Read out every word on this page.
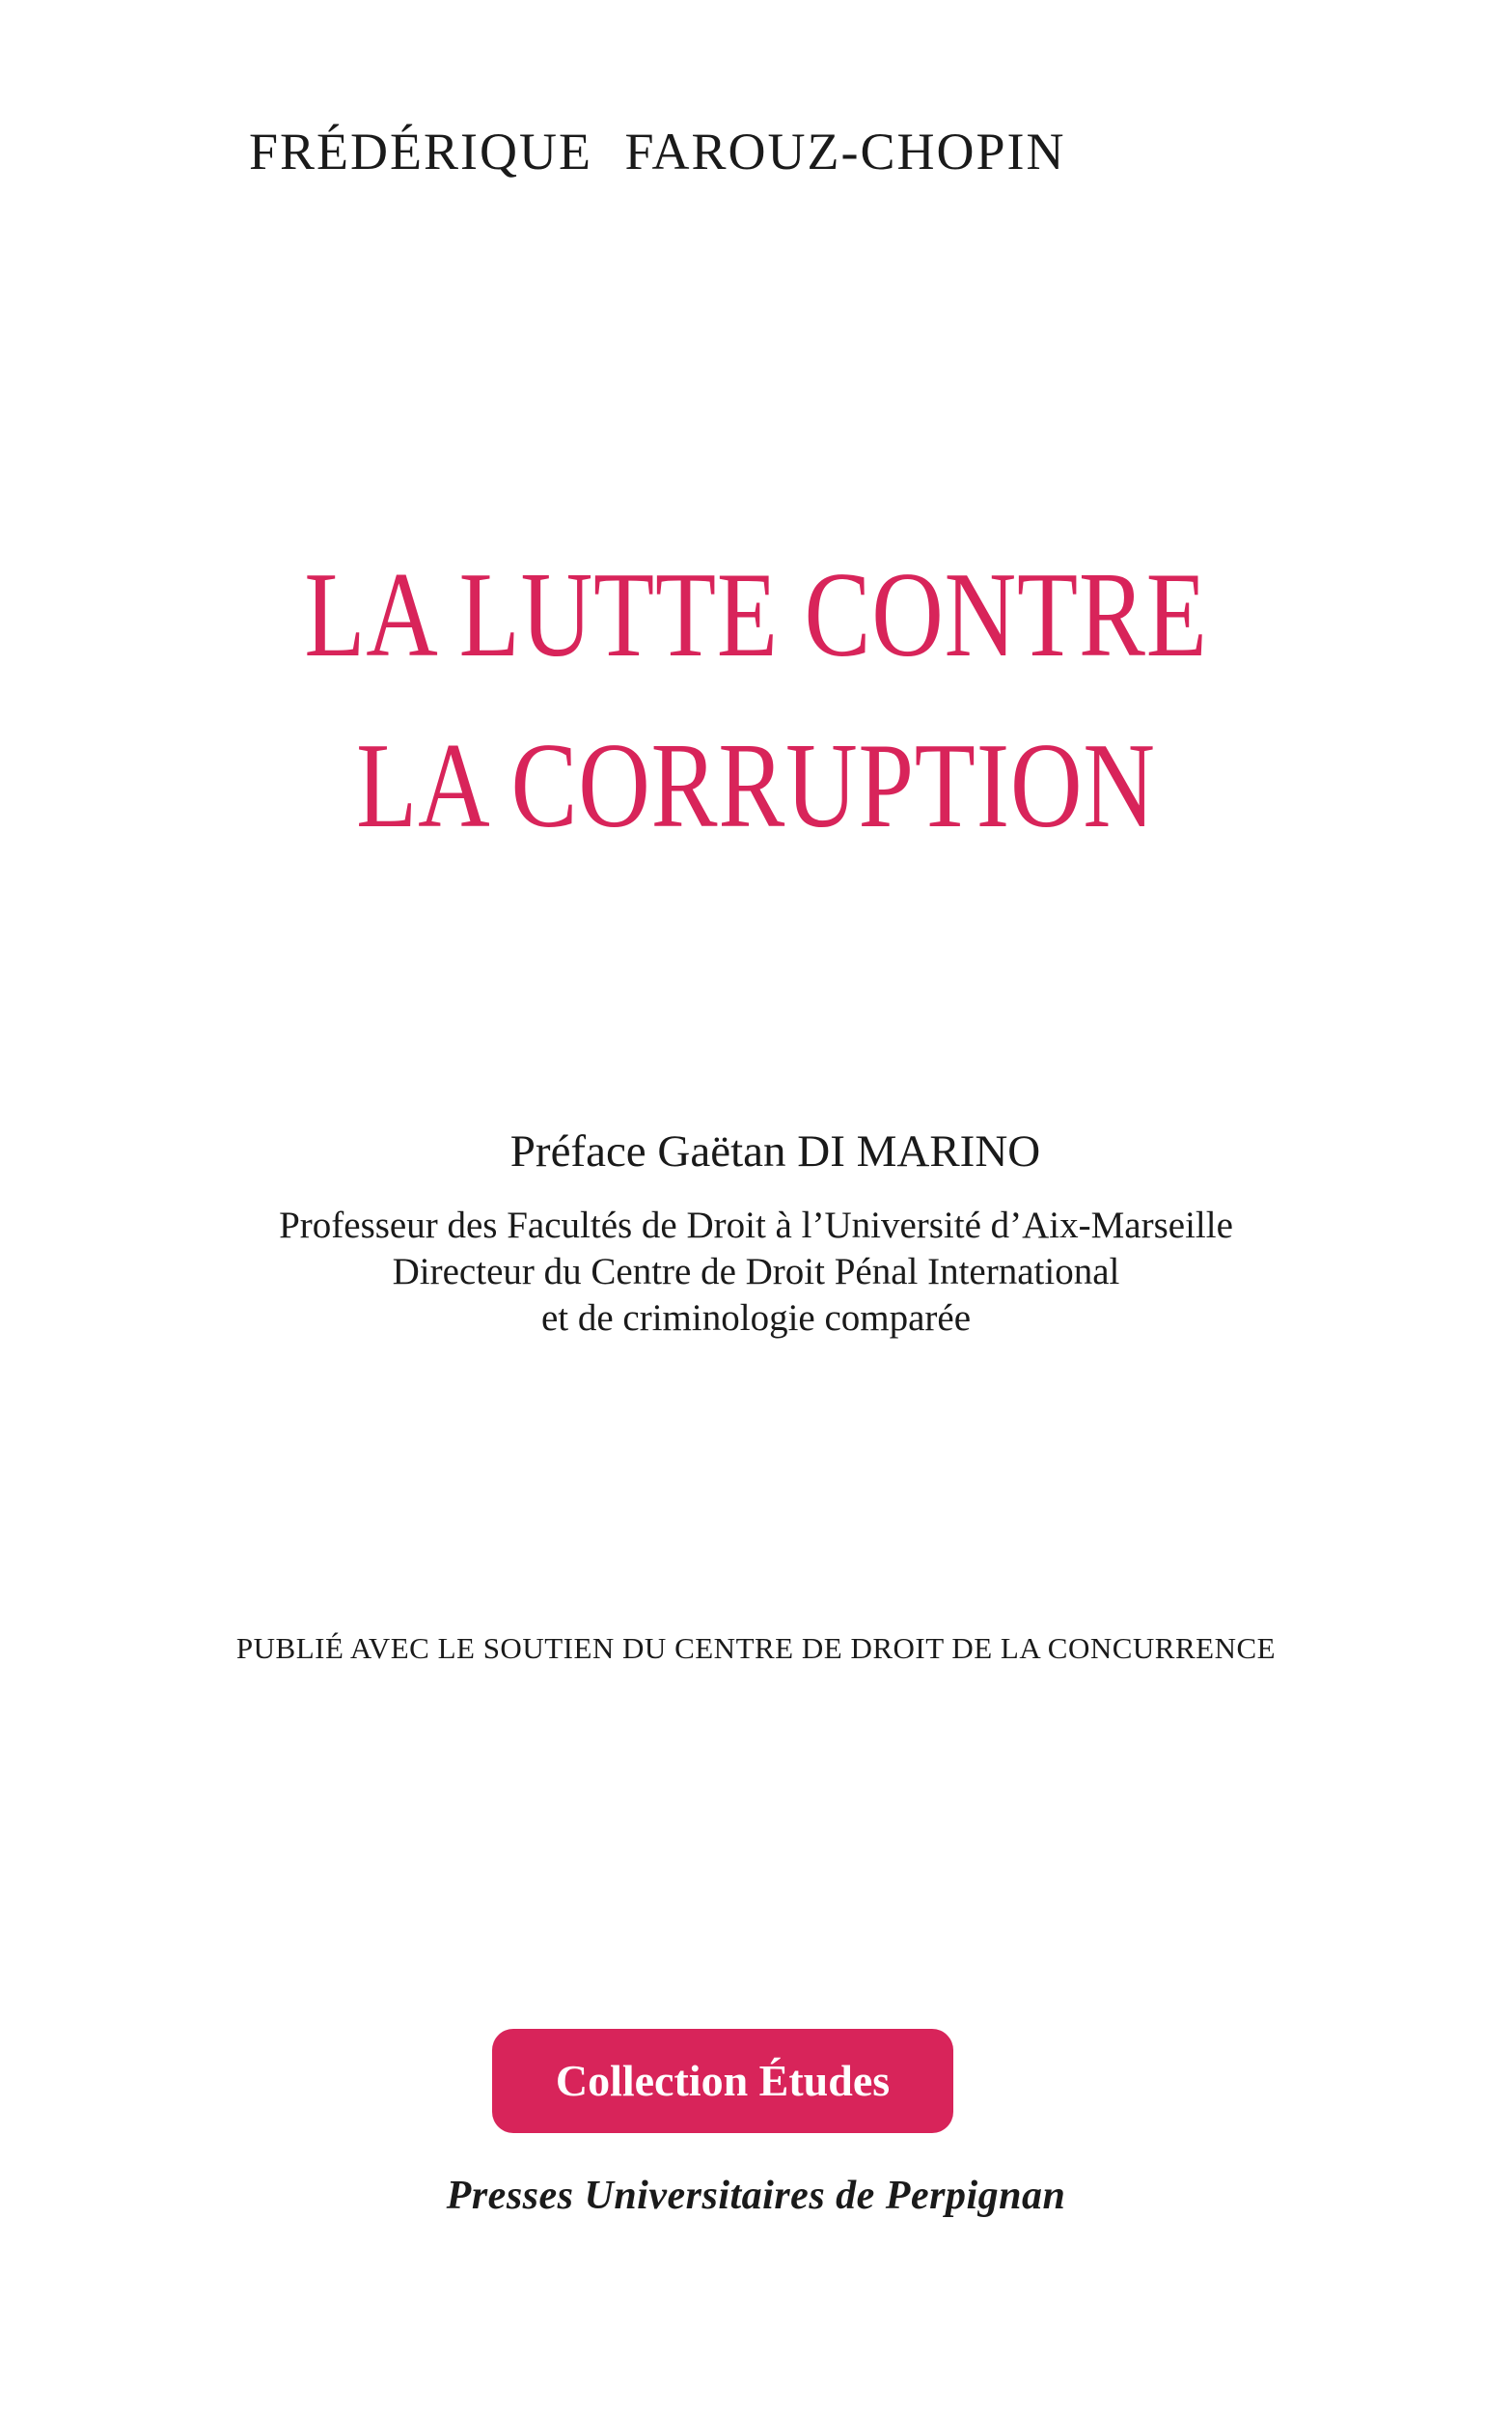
FRÉDÉRIQUE FAROUZ-CHOPIN
LA LUTTE CONTRE
LA CORRUPTION
Préface Gaëtan DI MARINO
Professeur des Facultés de Droit à l’Université d’Aix-Marseille
Directeur du Centre de Droit Pénal International
et de criminologie comparée
PUBLIÉ AVEC LE SOUTIEN DU CENTRE DE DROIT DE LA CONCURRENCE
Collection Études
Presses Universitaires de Perpignan
